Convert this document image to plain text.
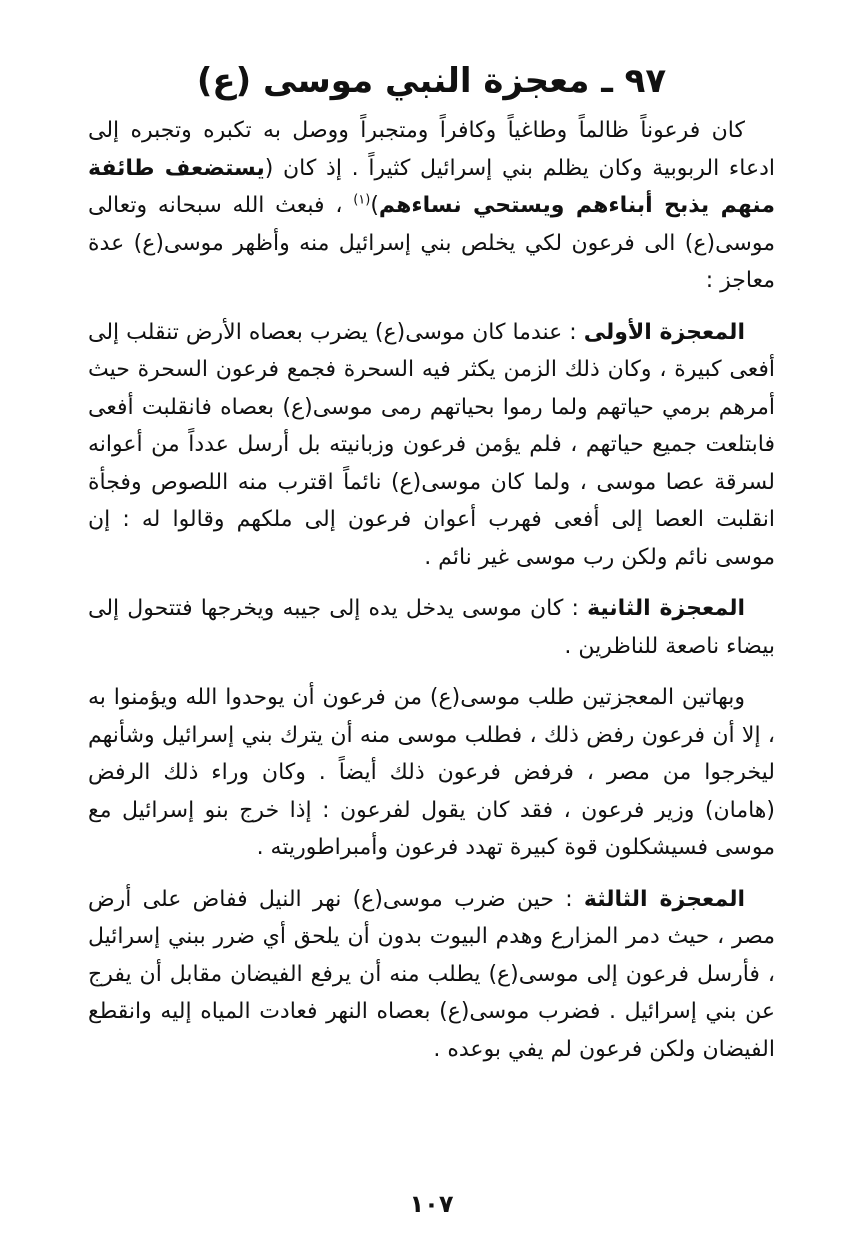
٩٧ ـ معجزة النبي موسى (ع)

كان فرعوناً ظالماً وطاغياً وكافراً ومتجبراً ووصل به تكبره وتجبره إلى ادعاء الربوبية وكان يظلم بني إسرائيل كثيراً . إذ كان (يستضعف طائفة منهم يذبح أبناءهم ويستحي نساءهم)$^{(١)}$ ، فبعث الله سبحانه وتعالى موسى(ع) الى فرعون لكي يخلص بني إسرائيل منه وأظهر موسى(ع) عدة معاجز :

المعجزة الأولى : عندما كان موسى(ع) يضرب بعصاه الأرض تنقلب إلى أفعى كبيرة ، وكان ذلك الزمن يكثر فيه السحرة فجمع فرعون السحرة حيث أمرهم برمي حياتهم ولما رموا بحياتهم رمى موسى(ع) بعصاه فانقلبت أفعى فابتلعت جميع حياتهم ، فلم يؤمن فرعون وزبانيته بل أرسل عدداً من أعوانه لسرقة عصا موسى ، ولما كان موسى(ع) نائماً اقترب منه اللصوص وفجأة انقلبت العصا إلى أفعى فهرب أعوان فرعون إلى ملكهم وقالوا له : إن موسى نائم ولكن رب موسى غير نائم .

المعجزة الثانية : كان موسى يدخل يده إلى جيبه ويخرجها فتتحول إلى بيضاء ناصعة للناظرين .

وبهاتين المعجزتين طلب موسى(ع) من فرعون أن يوحدوا الله ويؤمنوا به ، إلا أن فرعون رفض ذلك ، فطلب موسى منه أن يترك بني إسرائيل وشأنهم ليخرجوا من مصر ، فرفض فرعون ذلك أيضاً . وكان وراء ذلك الرفض (هامان) وزير فرعون ، فقد كان يقول لفرعون : إذا خرج بنو إسرائيل مع موسى فسيشكلون قوة كبيرة تهدد فرعون وأمبراطوريته .

المعجزة الثالثة : حين ضرب موسى(ع) نهر النيل ففاض على أرض مصر ، حيث دمر المزارع وهدم البيوت بدون أن يلحق أي ضرر ببني إسرائيل ، فأرسل فرعون إلى موسى(ع) يطلب منه أن يرفع الفيضان مقابل أن يفرج عن بني إسرائيل . فضرب موسى(ع) بعصاه النهر فعادت المياه إليه وانقطع الفيضان ولكن فرعون لم يفي بوعده .

١٠٧
